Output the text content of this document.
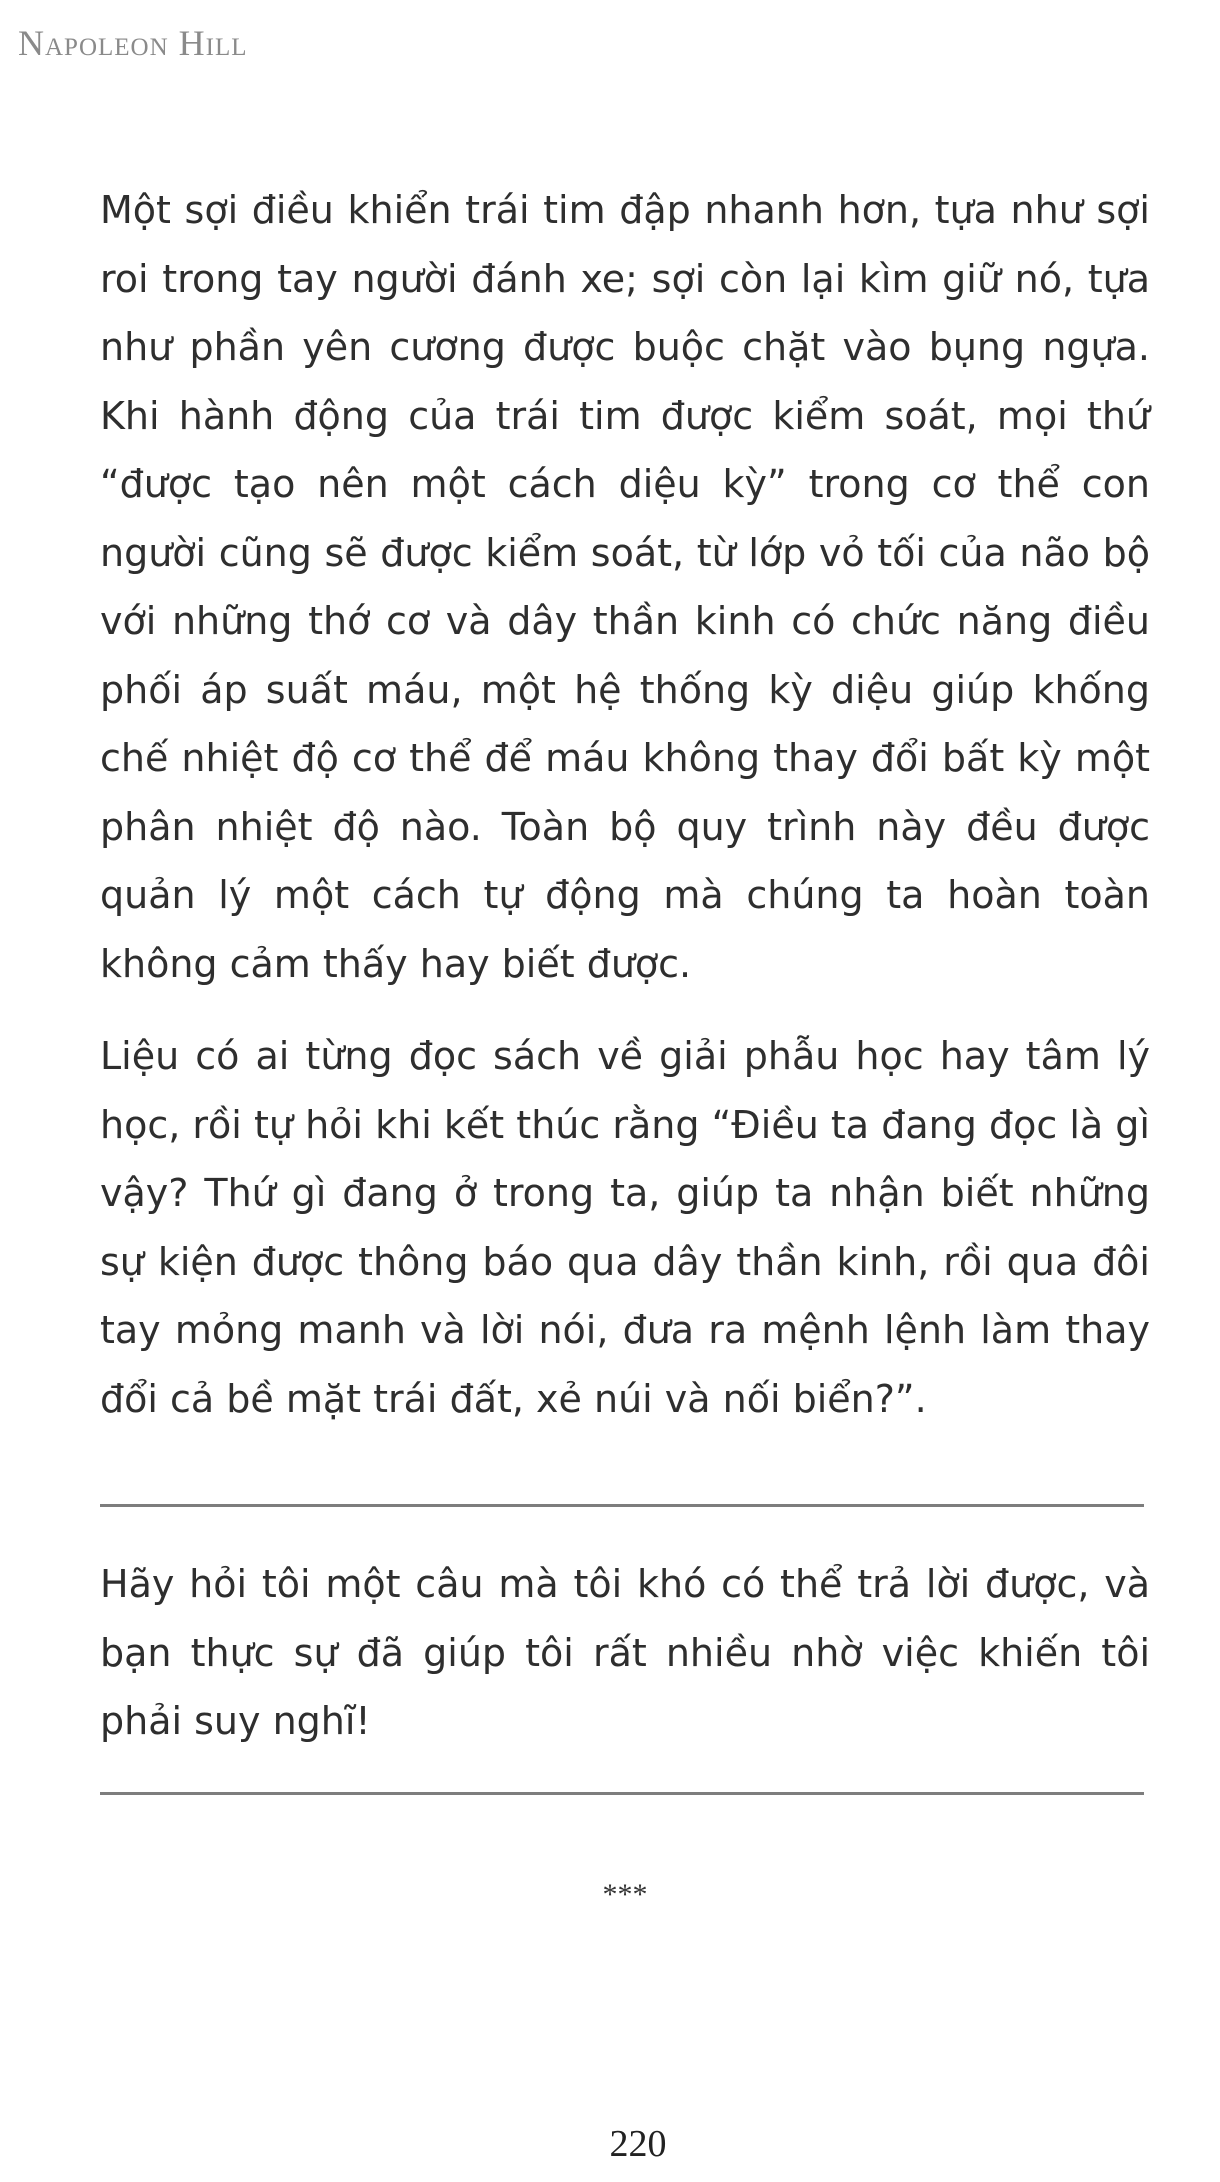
Napoleon Hill
Một sợi điều khiển trái tim đập nhanh hơn, tựa như sợi roi trong tay người đánh xe; sợi còn lại kìm giữ nó, tựa như phần yên cương được buộc chặt vào bụng ngựa. Khi hành động của trái tim được kiểm soát, mọi thứ “được tạo nên một cách diệu kỳ” trong cơ thể con người cũng sẽ được kiểm soát, từ lớp vỏ tối của não bộ với những thớ cơ và dây thần kinh có chức năng điều phối áp suất máu, một hệ thống kỳ diệu giúp khống chế nhiệt độ cơ thể để máu không thay đổi bất kỳ một phân nhiệt độ nào. Toàn bộ quy trình này đều được quản lý một cách tự động mà chúng ta hoàn toàn không cảm thấy hay biết được.
Liệu có ai từng đọc sách về giải phẫu học hay tâm lý học, rồi tự hỏi khi kết thúc rằng “Điều ta đang đọc là gì vậy? Thứ gì đang ở trong ta, giúp ta nhận biết những sự kiện được thông báo qua dây thần kinh, rồi qua đôi tay mỏng manh và lời nói, đưa ra mệnh lệnh làm thay đổi cả bề mặt trái đất, xẻ núi và nối biển?”.
Hãy hỏi tôi một câu mà tôi khó có thể trả lời được, và bạn thực sự đã giúp tôi rất nhiều nhờ việc khiến tôi phải suy nghĩ!
***
220
